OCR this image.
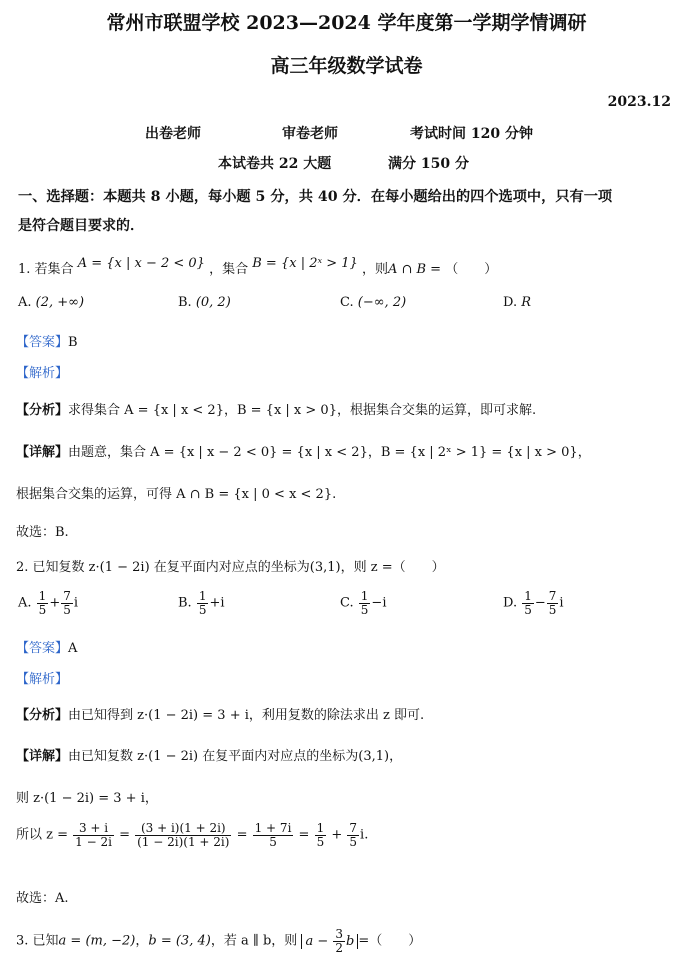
常州市联盟学校 2023—2024 学年度第一学期学情调研
高三年级数学试卷
2023.12
出卷老师	审卷老师	考试时间 120 分钟
本试卷共 22 大题	满分 150 分
一、选择题：本题共 8 小题，每小题 5 分，共 40 分．在每小题给出的四个选项中，只有一项
是符合题目要求的．
1. 若集合 A = {x | x − 2 < 0} ，集合 B = {x | 2ˣ > 1} ，则A ∩ B = （　　）
A. (2, +∞)	B. (0, 2)	C. (−∞, 2)	D. R
【答案】B
【解析】
【分析】求得集合 A = {x | x < 2}，B = {x | x > 0}，根据集合交集的运算，即可求解.
【详解】由题意，集合 A = {x | x − 2 < 0} = {x | x < 2}，B = {x | 2ˣ > 1} = {x | x > 0}，
根据集合交集的运算，可得 A ∩ B = {x | 0 < x < 2}.
故选：B.
2. 已知复数 z·(1 − 2i) 在复平面内对应点的坐标为(3,1)，则 z =（　　）
A. $\frac{1}{5} + \frac{7}{5}$ i	B. $\frac{1}{5} +i$	C. $\frac{1}{5} -i$	D. $\frac{1}{5} - \frac{7}{5}$ i
【答案】A
【解析】
【分析】由已知得到 z·(1 − 2i) = 3 + i，利用复数的除法求出 z 即可.
【详解】由已知复数 z·(1 − 2i) 在复平面内对应点的坐标为(3,1)，
则 z·(1 − 2i) = 3 + i，
所以 $z = \frac{3 + i}{1 - 2i} = \frac{(3 + i)(1 + 2i)}{(1 - 2i)(1 + 2i)} = \frac{1 + 7i}{5} = \frac{1}{5} + \frac{7}{5} i$.
故选：A.
3. 已知a = (m, −2)，b = (3, 4)，若 a ∥ b，则 $a - \frac{3}{2}$ b =（　　）
